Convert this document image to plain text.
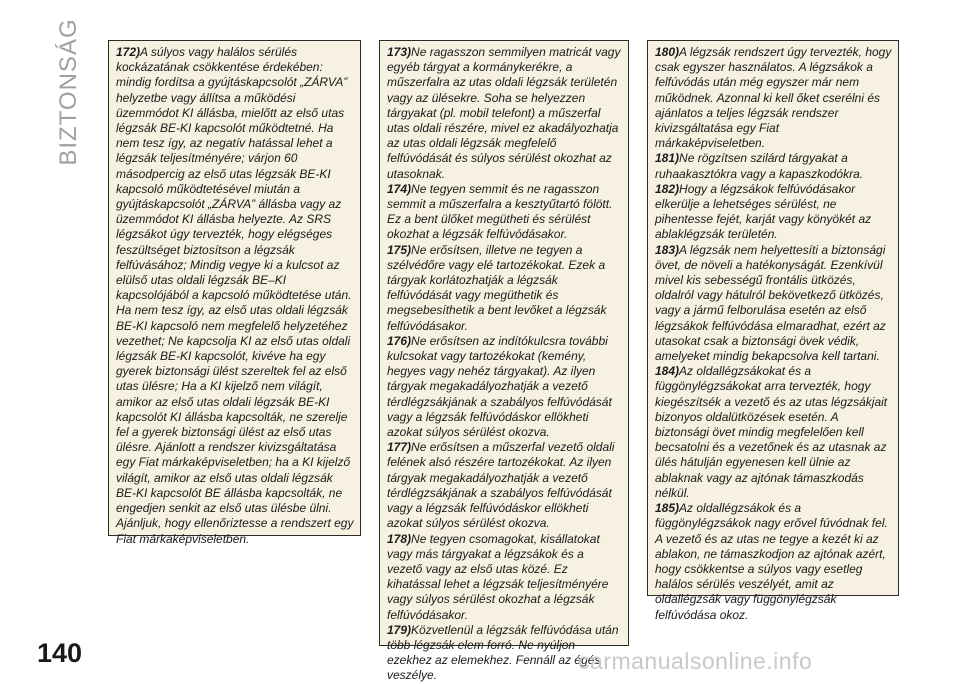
BIZTONSÁG	172)A súlyos vagy halálos sérülés kockázatának csökkentése érdekében: mindig fordítsa a gyújtáskapcsolót „ZÁRVA” helyzetbe vagy állítsa a működési üzemmódot KI állásba, mielőtt az első utas légzsák BE-KI kapcsolót működtetné. Ha nem tesz így, az negatív hatással lehet a légzsák teljesítményére; várjon 60 másodpercig az első utas légzsák BE-KI kapcsoló működtetésével miután a gyújtáskapcsolót „ZÁRVA” állásba vagy az üzemmódot KI állásba helyezte. Az SRS légzsákot úgy tervezték, hogy elégséges feszültséget biztosítson a légzsák felfúvásához; Mindig vegye ki a kulcsot az elülső utas oldali légzsák BE–KI kapcsolójából a kapcsoló működtetése után. Ha nem tesz így, az első utas oldali légzsák BE-KI kapcsoló nem megfelelő helyzetéhez vezethet; Ne kapcsolja KI az első utas oldali légzsák BE-KI kapcsolót, kivéve ha egy gyerek biztonsági ülést szereltek fel az első utas ülésre; Ha a KI kijelző nem világít, amikor az első utas oldali légzsák BE-KI kapcsolót KI állásba kapcsolták, ne szerelje fel a gyerek biztonsági ülést az első utas ülésre. Ajánlott a rendszer kivizsgáltatása egy Fiat márkaképviseletben; ha a KI kijelző világít, amikor az első utas oldali légzsák BE-KI kapcsolót BE állásba kapcsolták, ne engedjen senkit az első utas ülésbe ülni. Ajánljuk, hogy ellenőriztesse a rendszert egy Fiat márkaképviseletben.

173)Ne ragasszon semmilyen matricát vagy egyéb tárgyat a kormánykerékre, a műszerfalra az utas oldali légzsák területén vagy az ülésekre. Soha se helyezzen tárgyakat (pl. mobil telefont) a műszerfal utas oldali részére, mivel ez akadályozhatja az utas oldali légzsák megfelelő felfúvódását és súlyos sérülést okozhat az utasoknak.

174)Ne tegyen semmit és ne ragasszon semmit a műszerfalra a kesztyűtartó fölött. Ez a bent ülőket megütheti és sérülést okozhat a légzsák felfúvódásakor.

175)Ne erősítsen, illetve ne tegyen a szélvédőre vagy elé tartozékokat. Ezek a tárgyak korlátozhatják a légzsák felfúvódását vagy megüthetik és megsebesíthetik a bent levőket a légzsák felfúvódásakor.

176)Ne erősítsen az indítókulcsra további kulcsokat vagy tartozékokat (kemény, hegyes vagy nehéz tárgyakat). Az ilyen tárgyak megakadályozhatják a vezető térdlégzsákjának a szabályos felfúvódását vagy a légzsák felfúvódáskor ellökheti azokat súlyos sérülést okozva.

177)Ne erősítsen a műszerfal vezető oldali felének alsó részére tartozékokat. Az ilyen tárgyak megakadályozhatják a vezető térdlégzsákjának a szabályos felfúvódását vagy a légzsák felfúvódáskor ellökheti azokat súlyos sérülést okozva.

178)Ne tegyen csomagokat, kisállatokat vagy más tárgyakat a légzsákok és a vezető vagy az első utas közé. Ez kihatással lehet a légzsák teljesítményére vagy súlyos sérülést okozhat a légzsák felfúvódásakor.

179)Közvetlenül a légzsák felfúvódása után több légzsák elem forró. Ne nyúljon ezekhez az elemekhez. Fennáll az égés veszélye.

180)A légzsák rendszert úgy tervezték, hogy csak egyszer használatos. A légzsákok a felfúvódás után még egyszer már nem működnek. Azonnal ki kell őket cserélni és ajánlatos a teljes légzsák rendszer kivizsgáltatása egy Fiat márkaképviseletben.

181)Ne rögzítsen szilárd tárgyakat a ruhaakasztókra vagy a kapaszkodókra.

182)Hogy a légzsákok felfúvódásakor elkerülje a lehetséges sérülést, ne pihentesse fejét, karját vagy könyökét az ablaklégzsák területén.

183)A légzsák nem helyettesíti a biztonsági övet, de növeli a hatékonyságát. Ezenkívül mivel kis sebességű frontális ütközés, oldalról vagy hátulról bekövetkező ütközés, vagy a jármű felborulása esetén az első légzsákok felfúvódása elmaradhat, ezért az utasokat csak a biztonsági övek védik, amelyeket mindig bekapcsolva kell tartani.

184)Az oldallégzsákokat és a függönylégzsákokat arra tervezték, hogy kiegészítsék a vezető és az utas légzsákjait bizonyos oldalütközések esetén. A biztonsági övet mindig megfelelően kell becsatolni és a vezetőnek és az utasnak az ülés hátulján egyenesen kell ülnie az ablaknak vagy az ajtónak támaszkodás nélkül.

185)Az oldallégzsákok és a függönylégzsákok nagy erővel fúvódnak fel. A vezető és az utas ne tegye a kezét ki az ablakon, ne támaszkodjon az ajtónak azért, hogy csökkentse a súlyos vagy esetleg halálos sérülés veszélyét, amit az oldallégzsák vagy függönylégzsák felfúvódása okoz.

140	carmanualsonline.info
